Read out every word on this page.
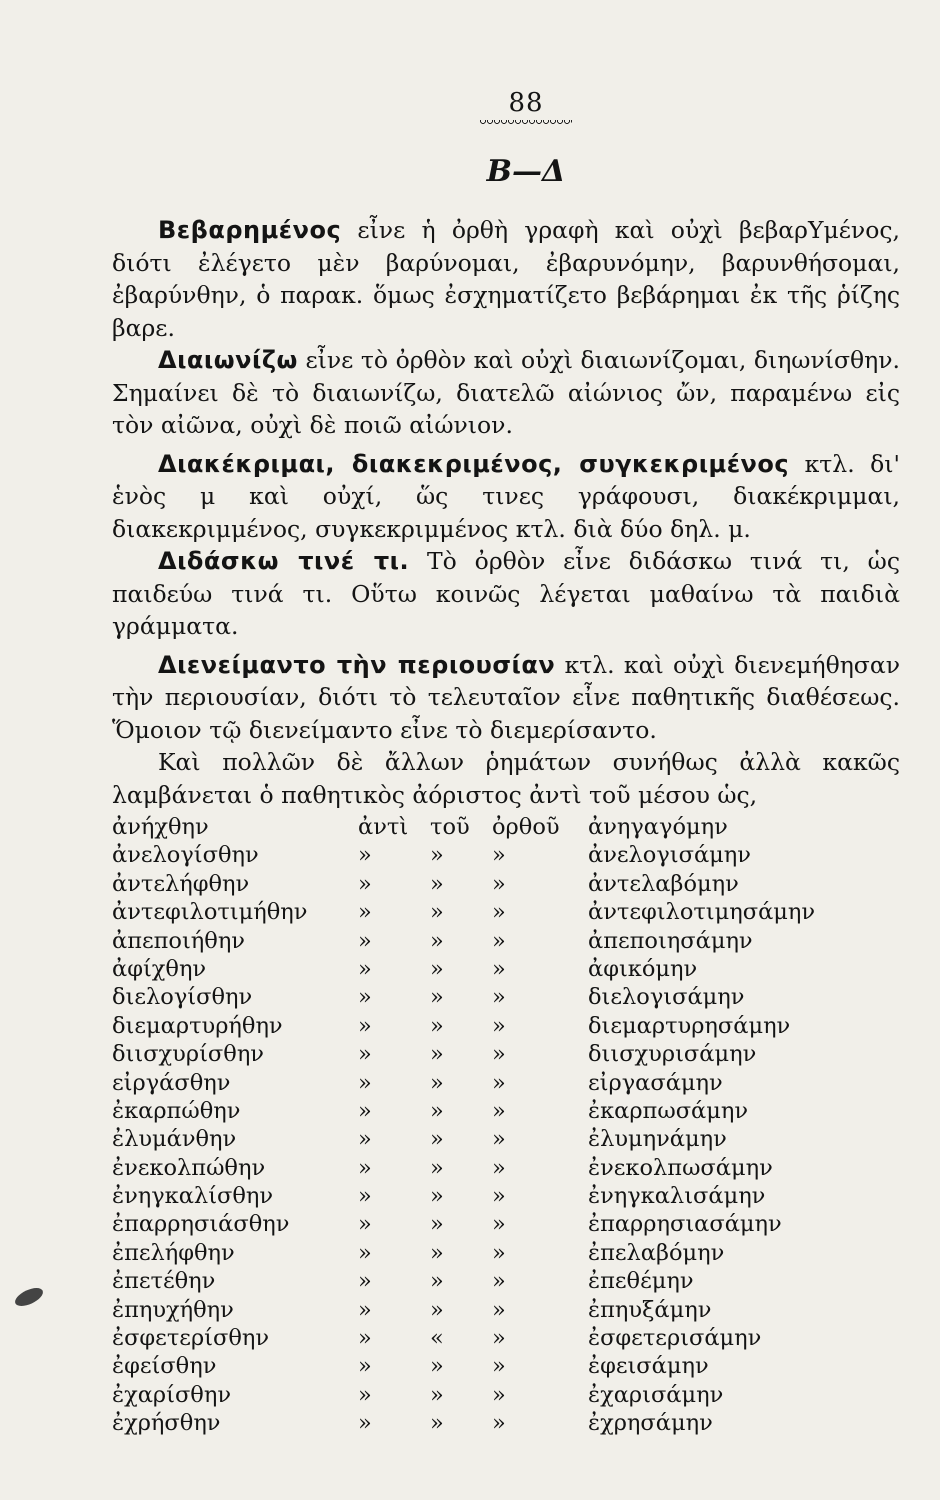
88
Β—Δ

Βεβαρημένος εἶνε ἡ ὀρθὴ γραφὴ καὶ οὐχὶ βεβαρΥμένος, διότι ἐλέγετο μὲν βαρύνομαι, ἐβαρυνόμην, βαρυνθήσομαι, ἐβαρύνθην, ὁ παρακ. ὅμως ἐσχηματίζετο βεβάρημαι ἐκ τῆς ῥίζης βαρε.

Διαιωνίζω εἶνε τὸ ὀρθὸν καὶ οὐχὶ διαιωνίζομαι, διηωνίσθην. Σημαίνει δὲ τὸ διαιωνίζω, διατελῶ αἰώνιος ὤν, παραμένω εἰς τὸν αἰῶνα, οὐχὶ δὲ ποιῶ αἰώνιον.

Διακέκριμαι, διακεκριμένος, συγκεκριμένος κτλ. δι' ἑνὸς μ καὶ οὐχί, ὥς τινες γράφουσι, διακέκριμμαι, διακεκριμμένος, συγκεκριμμένος κτλ. διὰ δύο δηλ. μ.

Διδάσκω τινέ τι. Τὸ ὀρθὸν εἶνε διδάσκω τινά τι, ὡς παιδεύω τινά τι. Οὕτω κοινῶς λέγεται μαθαίνω τὰ παιδιὰ γράμματα.

Διενείμαντο τὴν περιουσίαν κτλ. καὶ οὐχὶ διενεμήθησαν τὴν περιουσίαν, διότι τὸ τελευταῖον εἶνε παθητικῆς διαθέσεως. Ὅμοιον τῷ διενείμαντο εἶνε τὸ διεμερίσαντο.

Καὶ πολλῶν δὲ ἄλλων ῥημάτων συνήθως ἀλλὰ κακῶς λαμβάνεται ὁ παθητικὸς ἀόριστος ἀντὶ τοῦ μέσου ὡς,

ἀνήχθην	ἀντὶ τοῦ ὀρθοῦ	ἀνηγαγόμην
ἀνελογίσθην	»	»	»	ἀνελογισάμην
ἀντελήφθην	»	»	»	ἀντελαβόμην
ἀντεφιλοτιμήθην	»	»	»	ἀντεφιλοτιμησάμην
ἀπεποιήθην	»	»	»	ἀπεποιησάμην
ἀφίχθην	»	»	»	ἀφικόμην
διελογίσθην	»	»	»	διελογισάμην
διεμαρτυρήθην	»	»	»	διεμαρτυρησάμην
διισχυρίσθην	»	»	»	διισχυρισάμην
εἰργάσθην	»	»	»	εἰργασάμην
ἐκαρπώθην	»	»	»	ἐκαρπωσάμην
ἐλυμάνθην	»	»	»	ἐλυμηνάμην
ἐνεκολπώθην	»	»	»	ἐνεκολπωσάμην
ἐνηγκαλίσθην	»	»	»	ἐνηγκαλισάμην
ἐπαρρησιάσθην	»	»	»	ἐπαρρησιασάμην
ἐπελήφθην	»	»	»	ἐπελαβόμην
ἐπετέθην	»	»	»	ἐπεθέμην
ἐπηυχήθην	»	»	»	ἐπηυξάμην
ἐσφετερίσθην	»	«	»	ἐσφετερισάμην
ἐφείσθην	»	»	»	ἐφεισάμην
ἐχαρίσθην	»	»	»	ἐχαρισάμην
ἐχρήσθην	»	»	»	ἐχρησάμην
